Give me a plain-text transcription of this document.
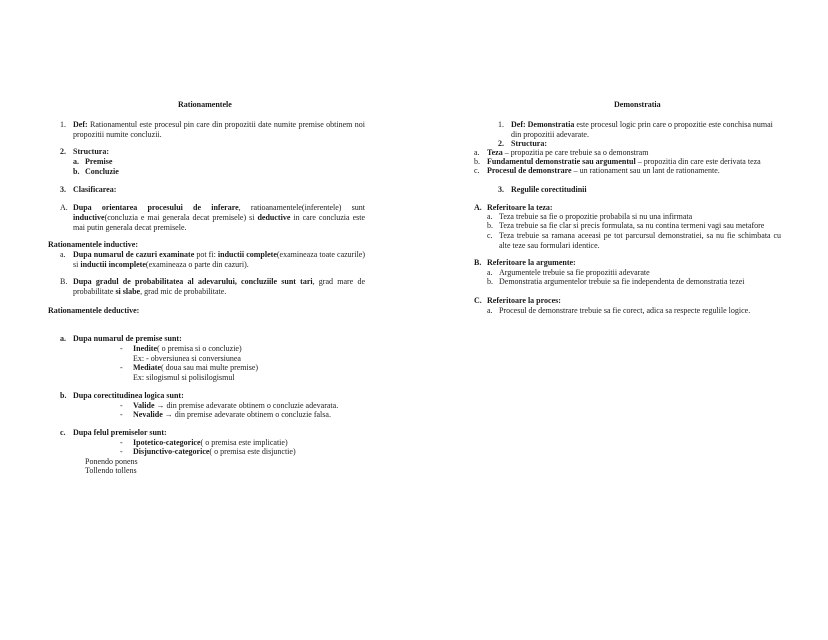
Rationamentele
1. Def: Rationamentul este procesul pin care din propozitii date numite premise obtinem noi propozitii numite concluzii.
2. Structura:
a. Premise
b. Concluzie
3. Clasificarea:
A. Dupa orientarea procesului de inferare, ratioanamentele(inferentele) sunt inductive(concluzia e mai generala decat premisele) si deductive in care concluzia este mai putin generala decat premisele.
Rationamentele inductive:
a. Dupa numarul de cazuri examinate pot fi: inductii complete(examineaza toate cazurile) si inductii incomplete(examineaza o parte din cazuri).
B. Dupa gradul de probabilitatea al adevarului, concluziile sunt tari, grad mare de probabilitate si slabe, grad mic de probabilitate.
Rationamentele deductive:
a. Dupa numarul de premise sunt:
- Inedite( o premisa si o concluzie)
Ex: - obversiunea si conversiunea
- Mediate( doua sau mai multe premise)
Ex: silogismul si polisilogismul
b. Dupa corectitudinea logica sunt:
- Valide → din premise adevarate obtinem o concluzie adevarata.
- Nevalide → din premise adevarate obtinem o concluzie falsa.
c. Dupa felul premiselor sunt:
- Ipotetico-categorice( o premisa este implicatie)
- Disjunctivo-categorice( o premisa este disjunctie)
Ponendo ponens
Tollendo tollens
Demonstratia
1. Def: Demonstratia este procesul logic prin care o propozitie este conchisa numai din propozitii adevarate.
2. Structura:
a. Teza – propozitia pe care trebuie sa o demonstram
b. Fundamentul demonstratie sau argumentul – propozitia din care este derivata teza
c. Procesul de demonstrare – un rationament sau un lant de rationamente.
3. Regulile corectitudinii
A. Referitoare la teza:
a. Teza trebuie sa fie o propozitie probabila si nu una infirmata
b. Teza trebuie sa fie clar si precis formulata, sa nu contina termeni vagi sau metafore
c. Teza trebuie sa ramana aceeasi pe tot parcursul demonstratiei, sa nu fie schimbata cu alte teze sau formulari identice.
B. Referitoare la argumente:
a. Argumentele trebuie sa fie propozitii adevarate
b. Demonstratia argumentelor trebuie sa fie independenta de demonstratia tezei
C. Referitoare la proces:
a. Procesul de demonstrare trebuie sa fie corect, adica sa respecte regulile logice.
